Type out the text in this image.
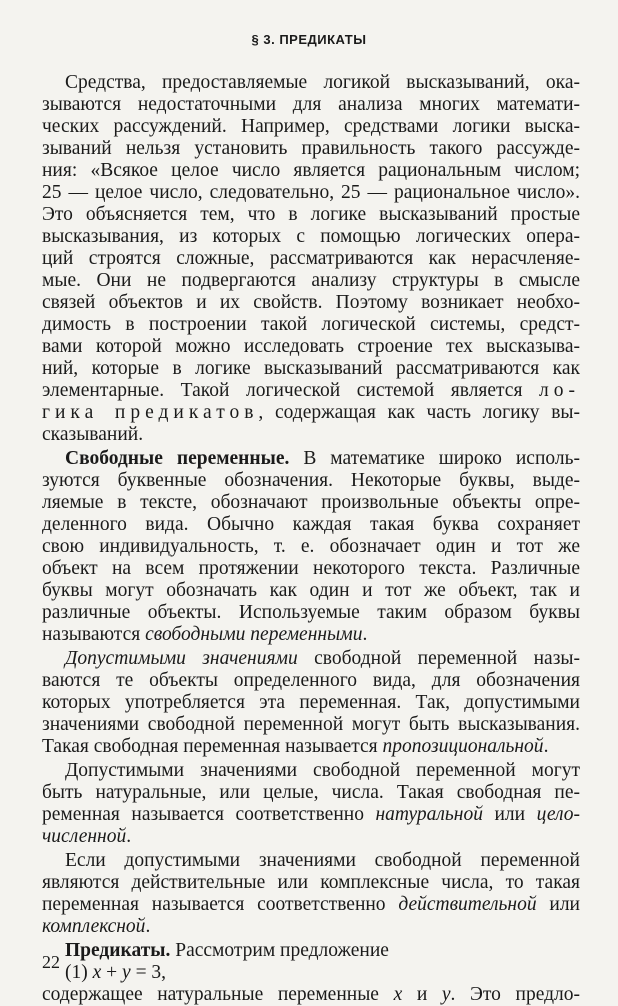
§ 3. ПРЕДИКАТЫ
Средства, предоставляемые логикой высказываний, ока-
зываются недостаточными для анализа многих математи-
ческих рассуждений. Например, средствами логики выска-
зываний нельзя установить правильность такого рассужде-
ния: «Всякое целое число является рациональным числом;
25 — целое число, следовательно, 25 — рациональное число».
Это объясняется тем, что в логике высказываний простые
высказывания, из которых с помощью логических опера-
ций строятся сложные, рассматриваются как нерасчленяе-
мые. Они не подвергаются анализу структуры в смысле
связей объектов и их свойств. Поэтому возникает необхо-
димость в построении такой логической системы, средст-
вами которой можно исследовать строение тех высказыва-
ний, которые в логике высказываний рассматриваются как
элементарные. Такой логической системой является ло-
гика предикатов, содержащая как часть логику вы-
сказываний.
Свободные переменные. В математике широко исполь-
зуются буквенные обозначения. Некоторые буквы, выде-
ляемые в тексте, обозначают произвольные объекты опре-
деленного вида. Обычно каждая такая буква сохраняет
свою индивидуальность, т. е. обозначает один и тот же
объект на всем протяжении некоторого текста. Различные
буквы могут обозначать как один и тот же объект, так и
различные объекты. Используемые таким образом буквы
называются свободными переменными.
Допустимыми значениями свободной переменной назы-
ваются те объекты определенного вида, для обозначения
которых употребляется эта переменная. Так, допустимыми
значениями свободной переменной могут быть высказывания.
Такая свободная переменная называется пропозициональной.
Допустимыми значениями свободной переменной могут
быть натуральные, или целые, числа. Такая свободная пе-
ременная называется соответственно натуральной или цело-
численной.
Если допустимыми значениями свободной переменной
являются действительные или комплексные числа, то такая
переменная называется соответственно действительной или
комплексной.
Предикаты. Рассмотрим предложение
(1) x + y = 3,
содержащее натуральные переменные x и y. Это предло-
22
